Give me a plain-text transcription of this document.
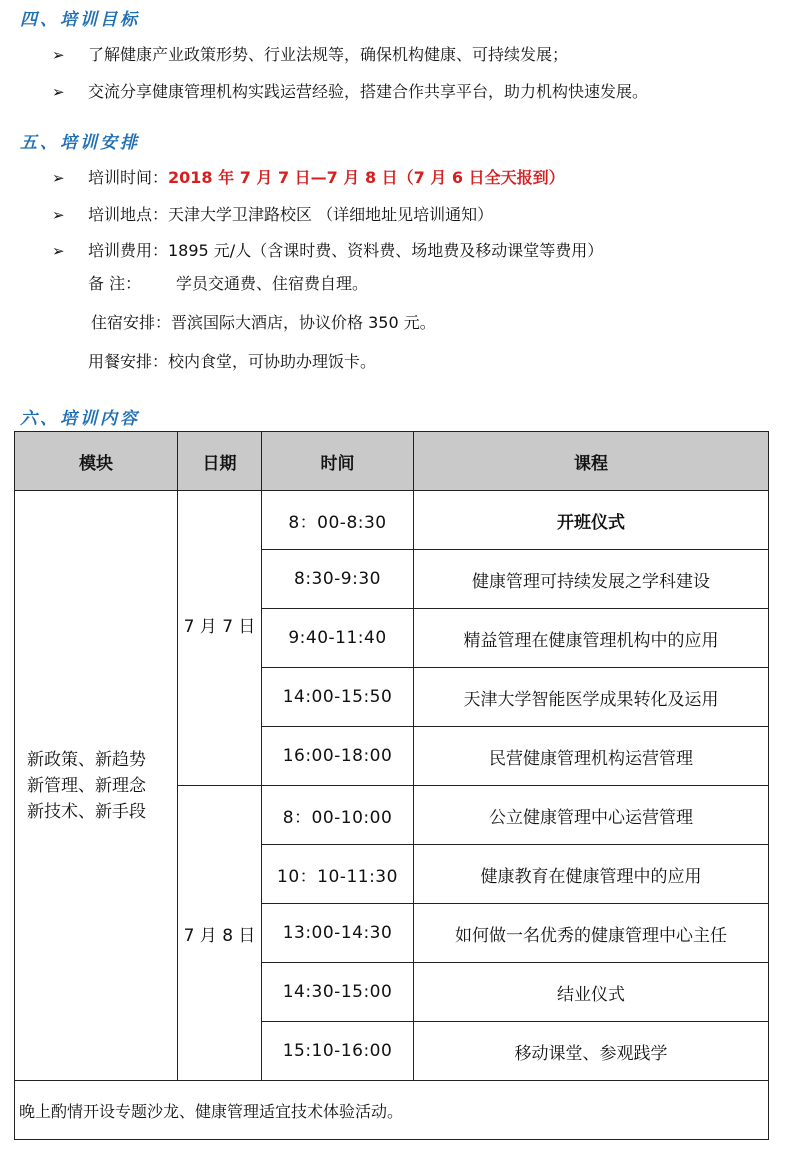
四、培训目标
➢ 了解健康产业政策形势、行业法规等，确保机构健康、可持续发展；
➢ 交流分享健康管理机构实践运营经验，搭建合作共享平台，助力机构快速发展。
五、培训安排
➢ 培训时间：2018 年 7 月 7 日—7 月 8 日（7 月 6 日全天报到）
➢ 培训地点：天津大学卫津路校区 （详细地址见培训通知）
➢ 培训费用：1895 元/人（含课时费、资料费、场地费及移动课堂等费用）
备 注： 学员交通费、住宿费自理。
住宿安排：晋滨国际大酒店，协议价格 350 元。
用餐安排：校内食堂，可协助办理饭卡。
六、培训内容
模块	日期	时间	课程

新政策、新趋势
新管理、新理念
新技术、新手段	7 月 7 日	8：00-8:30	开班仪式
		8:30-9:30	健康管理可持续发展之学科建设
		9:40-11:40	精益管理在健康管理机构中的应用
		14:00-15:50	天津大学智能医学成果转化及运用
		16:00-18:00	民营健康管理机构运营管理
	7 月 8 日	8：00-10:00	公立健康管理中心运营管理
		10：10-11:30	健康教育在健康管理中的应用
		13:00-14:30	如何做一名优秀的健康管理中心主任
		14:30-15:00	结业仪式
		15:10-16:00	移动课堂、参观践学
晚上酌情开设专题沙龙、健康管理适宜技术体验活动。			
